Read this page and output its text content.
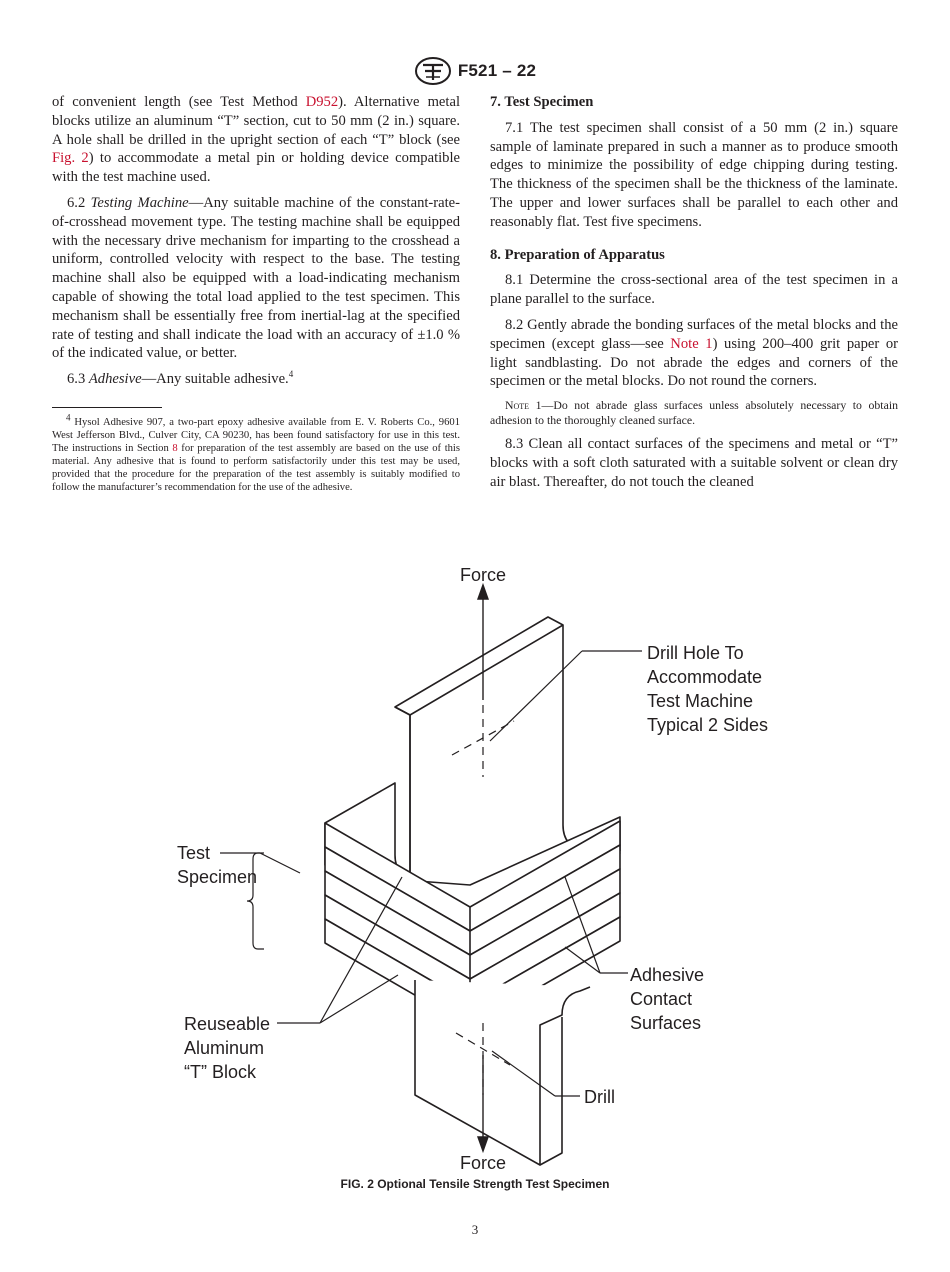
F521 – 22

of convenient length (see Test Method D952). Alternative metal blocks utilize an aluminum “T” section, cut to 50 mm (2 in.) square. A hole shall be drilled in the upright section of each “T” block (see Fig. 2) to accommodate a metal pin or holding device compatible with the test machine used.

6.2 Testing Machine—Any suitable machine of the constant-rate-of-crosshead movement type. The testing machine shall be equipped with the necessary drive mechanism for imparting to the crosshead a uniform, controlled velocity with respect to the base. The testing machine shall also be equipped with a load-indicating mechanism capable of showing the total load applied to the test specimen. This mechanism shall be essentially free from inertial-lag at the specified rate of testing and shall indicate the load with an accuracy of ±1.0 % of the indicated value, or better.

6.3 Adhesive—Any suitable adhesive.$^4$

$^4$ Hysol Adhesive 907, a two-part epoxy adhesive available from E. V. Roberts Co., 9601 West Jefferson Blvd., Culver City, CA 90230, has been found satisfactory for use in this test. The instructions in Section 8 for preparation of the test assembly are based on the use of this material. Any adhesive that is found to perform satisfactorily under this test may be used, provided that the procedure for the preparation of the test assembly is suitably modified to follow the manufacturer’s recommendation for the use of the adhesive.

7. Test Specimen

7.1 The test specimen shall consist of a 50 mm (2 in.) square sample of laminate prepared in such a manner as to produce smooth edges to minimize the possibility of edge chipping during testing. The thickness of the specimen shall be the thickness of the laminate. The upper and lower surfaces shall be parallel to each other and reasonably flat. Test five specimens.

8. Preparation of Apparatus

8.1 Determine the cross-sectional area of the test specimen in a plane parallel to the surface.

8.2 Gently abrade the bonding surfaces of the metal blocks and the specimen (except glass—see Note 1) using 200–400 grit paper or light sandblasting. Do not abrade the edges and corners of the specimen or the metal blocks. Do not round the corners.

Note 1—Do not abrade glass surfaces unless absolutely necessary to obtain adhesion to the thoroughly cleaned surface.

8.3 Clean all contact surfaces of the specimens and metal or “T” blocks with a soft cloth saturated with a suitable solvent or clean dry air blast. Thereafter, do not touch the cleaned

Force
Force
Drill Hole To
Accommodate
Test Machine
Typical 2 Sides
Test
Specimen
Adhesive
Contact
Surfaces
Reuseable
Aluminum
“T” Block
Drill
FIG. 2 Optional Tensile Strength Test Specimen
3
